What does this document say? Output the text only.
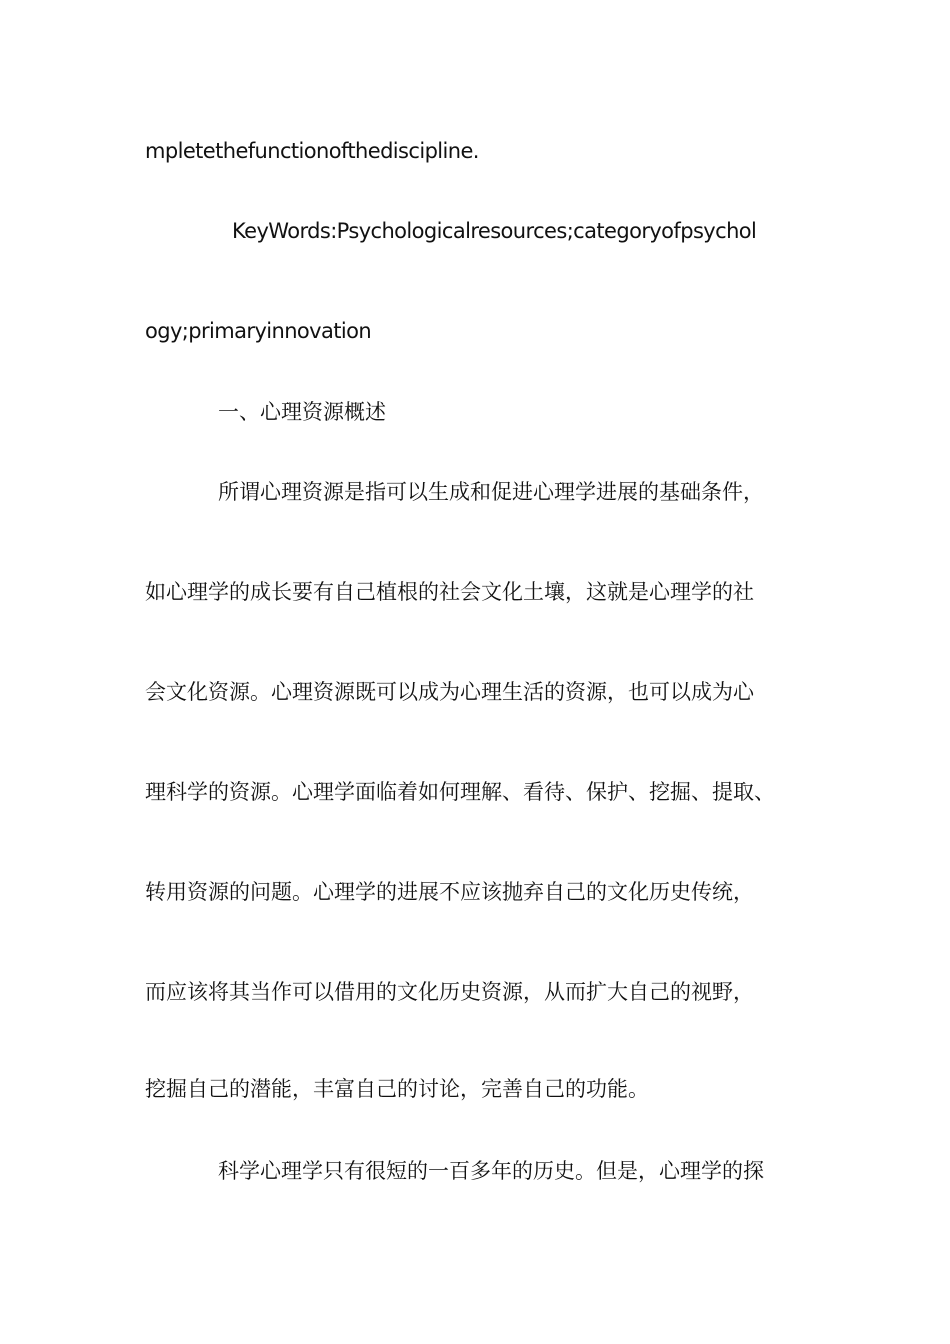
mpletethefunctionofthediscipline.
KeyWords:Psychologicalresources;categoryofpsychol
ogy;primaryinnovation
一、心理资源概述
所谓心理资源是指可以生成和促进心理学进展的基础条件，
如心理学的成长要有自己植根的社会文化土壤，这就是心理学的社
会文化资源。心理资源既可以成为心理生活的资源，也可以成为心
理科学的资源。心理学面临着如何理解、看待、保护、挖掘、提取、
转用资源的问题。心理学的进展不应该抛弃自己的文化历史传统，
而应该将其当作可以借用的文化历史资源，从而扩大自己的视野，
挖掘自己的潜能，丰富自己的讨论，完善自己的功能。
科学心理学只有很短的一百多年的历史。但是，心理学的探
